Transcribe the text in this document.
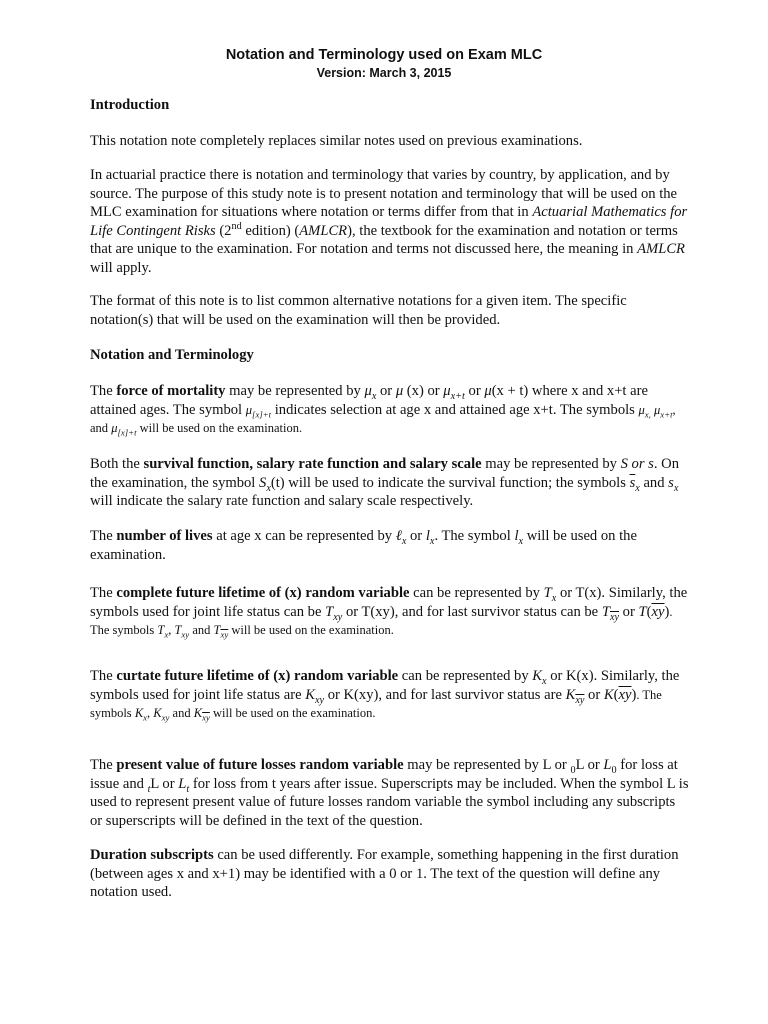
Notation and Terminology used on Exam MLC
Version: March 3, 2015

Introduction

This notation note completely replaces similar notes used on previous examinations.

In actuarial practice there is notation and terminology that varies by country, by application, and by source. The purpose of this study note is to present notation and terminology that will be used on the MLC examination for situations where notation or terms differ from that in Actuarial Mathematics for Life Contingent Risks (2nd edition) (AMLCR), the textbook for the examination and notation or terms that are unique to the examination. For notation and terms not discussed here, the meaning in AMLCR will apply.

The format of this note is to list common alternative notations for a given item. The specific notation(s) that will be used on the examination will then be provided.

Notation and Terminology

The force of mortality may be represented by $\mu_x$ or μ (x) or $\mu_{x+t}$ or μ(x + t) where x and x+t are attained ages. The symbol $\mu_{[x]+t}$ indicates selection at age x and attained age x+t. The symbols $\mu_{x,}$ $\mu_{x+t}$, and $\mu_{[x]+t}$ will be used on the examination.

Both the survival function, salary rate function and salary scale may be represented by S or s. On the examination, the symbol $S_x(t)$ will be used to indicate the survival function; the symbols $\overline{s}_x$ and $s_x$ will indicate the salary rate function and salary scale respectively.

The number of lives at age x can be represented by ℓ$_x$ or $l_x$. The symbol $l_x$ will be used on the examination.

The complete future lifetime of (x) random variable can be represented by $T_x$ or T(x). Similarly, the symbols used for joint life status can be $T_{xy}$ or T(xy), and for last survivor status can be $T_{\overline{xy}}$ or $T(\overline{xy})$. The symbols $T_x$, $T_{xy}$ and $T_{\overline{xy}}$ will be used on the examination.

The curtate future lifetime of (x) random variable can be represented by $K_x$ or K(x). Similarly, the symbols used for joint life status are $K_{xy}$ or K(xy), and for last survivor status are $K_{\overline{xy}}$ or $K(\overline{xy})$. The symbols $K_x$, $K_{xy}$ and $K_{\overline{xy}}$ will be used on the examination.

The present value of future losses random variable may be represented by L or $_0$L or $L_0$ for loss at issue and $_t$L or $L_t$ for loss from t years after issue. Superscripts may be included. When the symbol L is used to represent present value of future losses random variable the symbol including any subscripts or superscripts will be defined in the text of the question.

Duration subscripts can be used differently. For example, something happening in the first duration (between ages x and x+1) may be identified with a 0 or 1. The text of the question will define any notation used.
